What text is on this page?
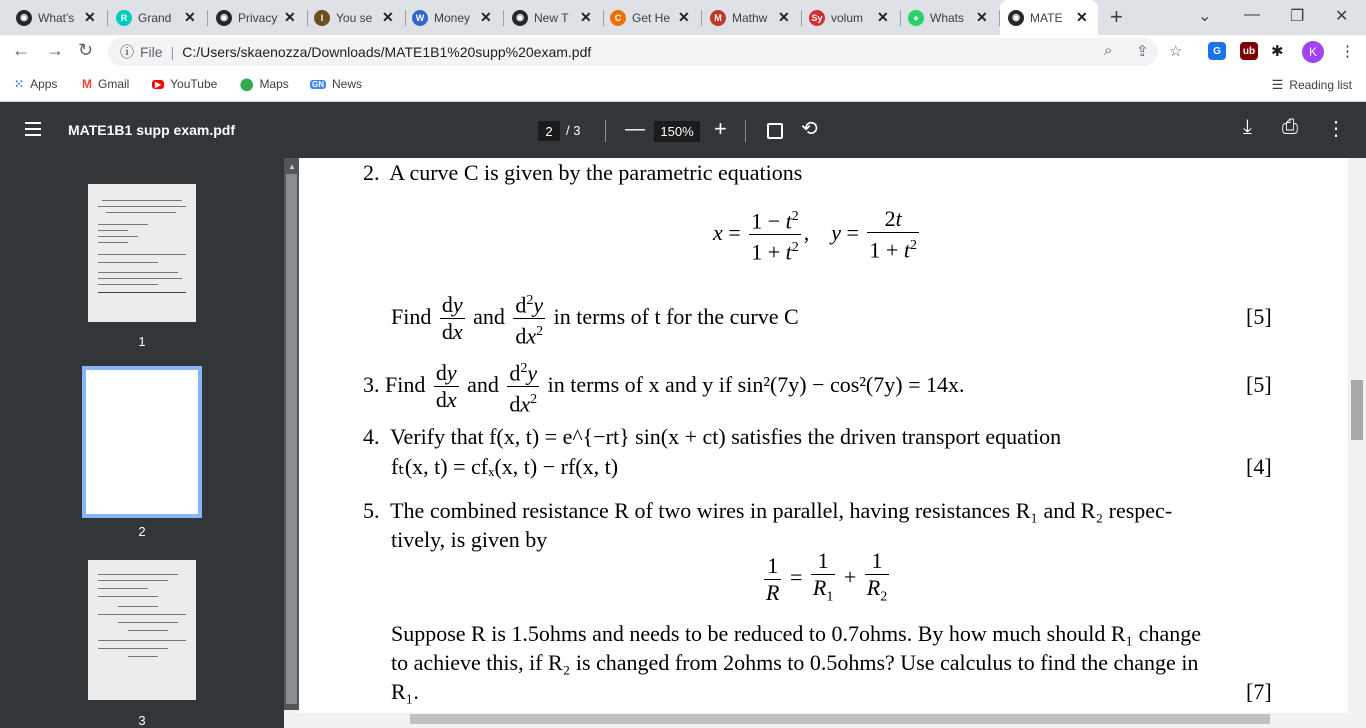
◉ What's ✕	R Grand ✕	◉ Privacy ✕	I	You se ✕	W Money ✕	◉ New T ✕	C Get He ✕	M Mathw ✕ Sy volum ✕	● Whats ✕	◉ MATE ✕ +	⌄ — ❐ ✕
← → ↻ ⓘ File | C:/Users/skaenozza/Downloads/MATE1B1%20supp%20exam.pdf	⌕ ⇪ ☆	G	ub ✱	K	⋮
⁙ Apps M Gmail	▶ YouTube ⬤ Maps	GN News	☰ Reading list
MATE1B1 supp exam.pdf	2	/ 3 —	150% +	⟲	⤓ ⎙ ⋮
1
2
3
▲	2. A curve C is given by the parametric equations
$x = \frac{1 - t^2}{1 + t^2}$ ,    $y = \frac{2t}{1 + t^2}$
Find $\frac{dy}{dx}$ and $\frac{d^2y}{dx^2}$ in terms of t for the curve C	[5]
3. Find $\frac{dy}{dx}$ and $\frac{d^2y}{dx^2}$ in terms of x and y if sin²(7y) − cos²(7y) = 14x.	[5]
4. Verify that f(x, t) = e^{−rt} sin(x + ct) satisfies the driven transport equation
fₜ(x, t) = cfₓ(x, t) − rf(x, t)	[4]
5. The combined resistance R of two wires in parallel, having resistances R₁ and R₂ respec-
tively, is given by
$\frac{1}{R} = \frac{1}{R_1} + \frac{1}{R_2}$
Suppose R is 1.5ohms and needs to be reduced to 0.7ohms. By how much should R₁ change
to achieve this, if R₂ is changed from 2ohms to 0.5ohms? Use calculus to find the change in
R₁.	[7]
